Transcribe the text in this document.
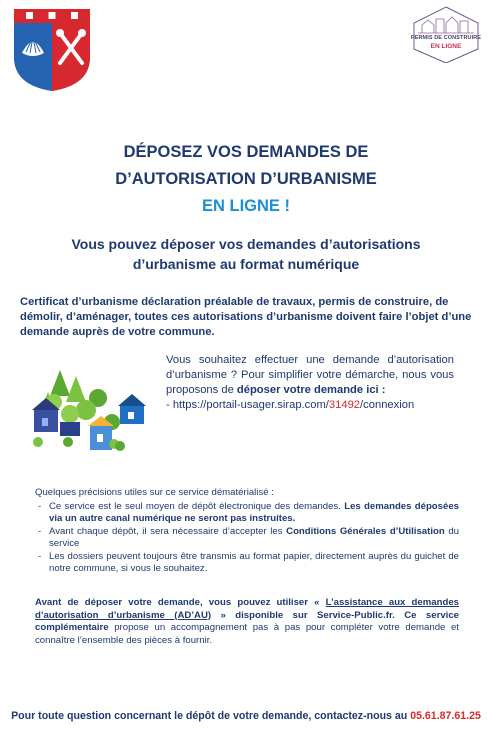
PERMIS DE CONSTRUIRE
EN LIGNE
DÉPOSEZ VOS DEMANDES DE
D’AUTORISATION D’URBANISME
EN LIGNE !
Vous pouvez déposer vos demandes d’autorisations d’urbanisme au format numérique
Certificat d’urbanisme déclaration préalable de travaux, permis de construire, de démolir, d’aménager, toutes ces autorisations d’urbanisme doivent faire l’objet d’une demande auprès de votre commune.
Vous souhaitez effectuer une demande d’autorisation d’urbanisme ? Pour simplifier votre démarche, nous vous proposons de déposer votre demande ici :
- https://portail-usager.sirap.com/31492/connexion
Quelques précisions utiles sur ce service dématérialisé :
- Ce service est le seul moyen de dépôt électronique des demandes. Les demandes déposées via un autre canal numérique ne seront pas instruites.
- Avant chaque dépôt, il sera nécessaire d’accepter les Conditions Générales d’Utilisation du service
- Les dossiers peuvent toujours être transmis au format papier, directement auprès du guichet de notre commune, si vous le souhaitez.
Avant de déposer votre demande, vous pouvez utiliser « L’assistance aux demandes d’autorisation d’urbanisme (AD’AU) » disponible sur Service-Public.fr. Ce service complémentaire propose un accompagnement pas à pas pour compléter votre demande et connaître l’ensemble des pièces à fournir.
Pour toute question concernant le dépôt de votre demande, contactez-nous au 05.61.87.61.25
